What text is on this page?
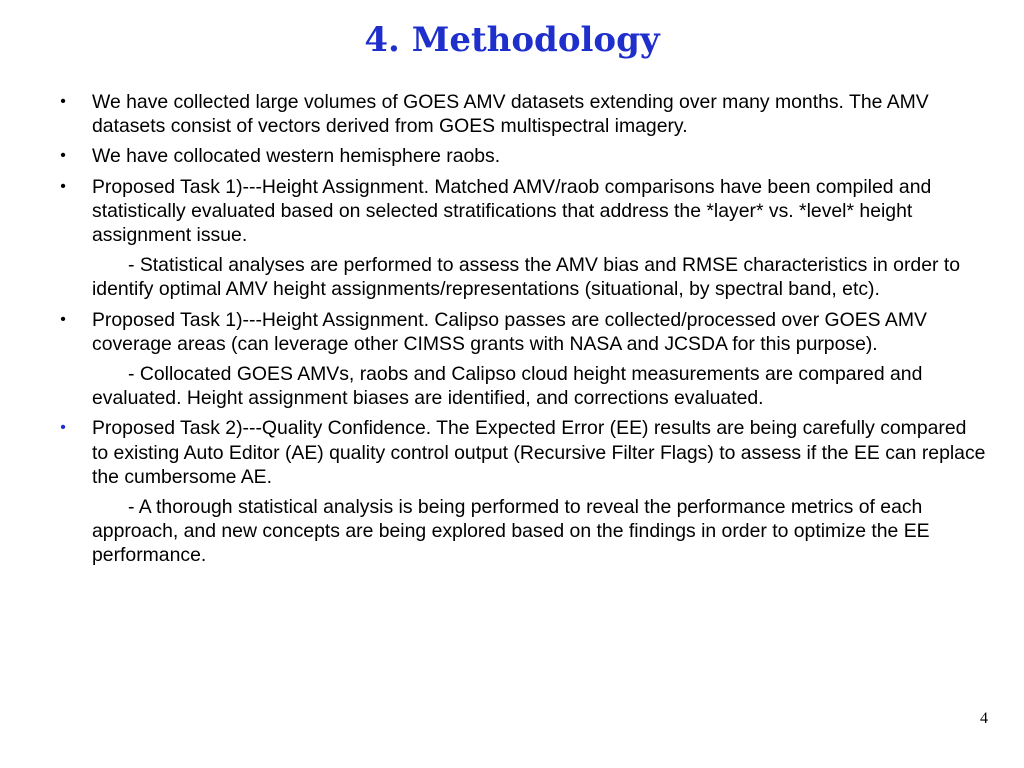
4. Methodology
• We have collected large volumes of GOES AMV datasets extending over many months. The AMV datasets consist of vectors derived from GOES multispectral imagery.
• We have collocated western hemisphere raobs.
• Proposed Task 1)---Height Assignment. Matched AMV/raob comparisons have been compiled and statistically evaluated based on selected stratifications that address the *layer* vs. *level* height assignment issue.
- Statistical analyses are performed to assess the AMV bias and RMSE characteristics in order to identify optimal AMV height assignments/representations (situational, by spectral band, etc).
• Proposed Task 1)---Height Assignment. Calipso passes are collected/processed over GOES AMV coverage areas (can leverage other CIMSS grants with NASA and JCSDA for this purpose).
- Collocated GOES AMVs, raobs and Calipso cloud height measurements are compared and evaluated. Height assignment biases are identified, and corrections evaluated.
• Proposed Task 2)---Quality Confidence. The Expected Error (EE) results are being carefully compared to existing Auto Editor (AE) quality control output (Recursive Filter Flags) to assess if the EE can replace the cumbersome AE.
- A thorough statistical analysis is being performed to reveal the performance metrics of each approach, and new concepts are being explored based on the findings in order to optimize the EE performance.
4
